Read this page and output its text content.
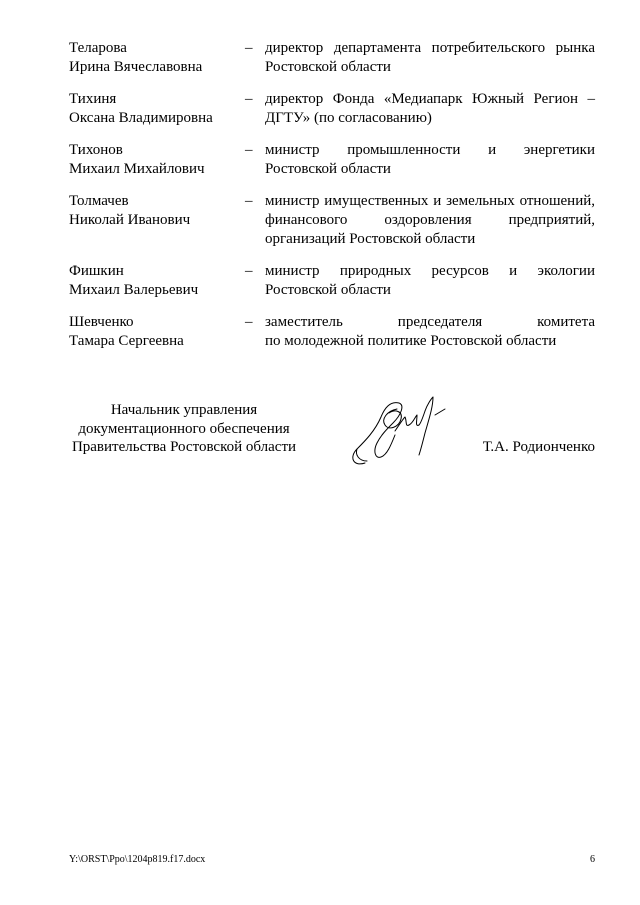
Теларова
Ирина Вячеславовна
– директор департамента потребительского рынка
Ростовской области
Тихиня
Оксана Владимировна
– директор Фонда «Медиапарк Южный Регион –
ДГТУ» (по согласованию)
Тихонов
Михаил Михайлович
– министр промышленности и энергетики
Ростовской области
Толмачев
Николай Иванович
– министр имущественных и земельных отношений,
финансового оздоровления предприятий,
организаций Ростовской области
Фишкин
Михаил Валерьевич
– министр природных ресурсов и экологии
Ростовской области
Шевченко
Тамара Сергеевна
– заместитель председателя комитета
по молодежной политике Ростовской области
Начальник управления
документационного обеспечения
Правительства Ростовской области	Т.А. Родионченко
Y:\ORST\Ppo\1204p819.f17.docx	6
